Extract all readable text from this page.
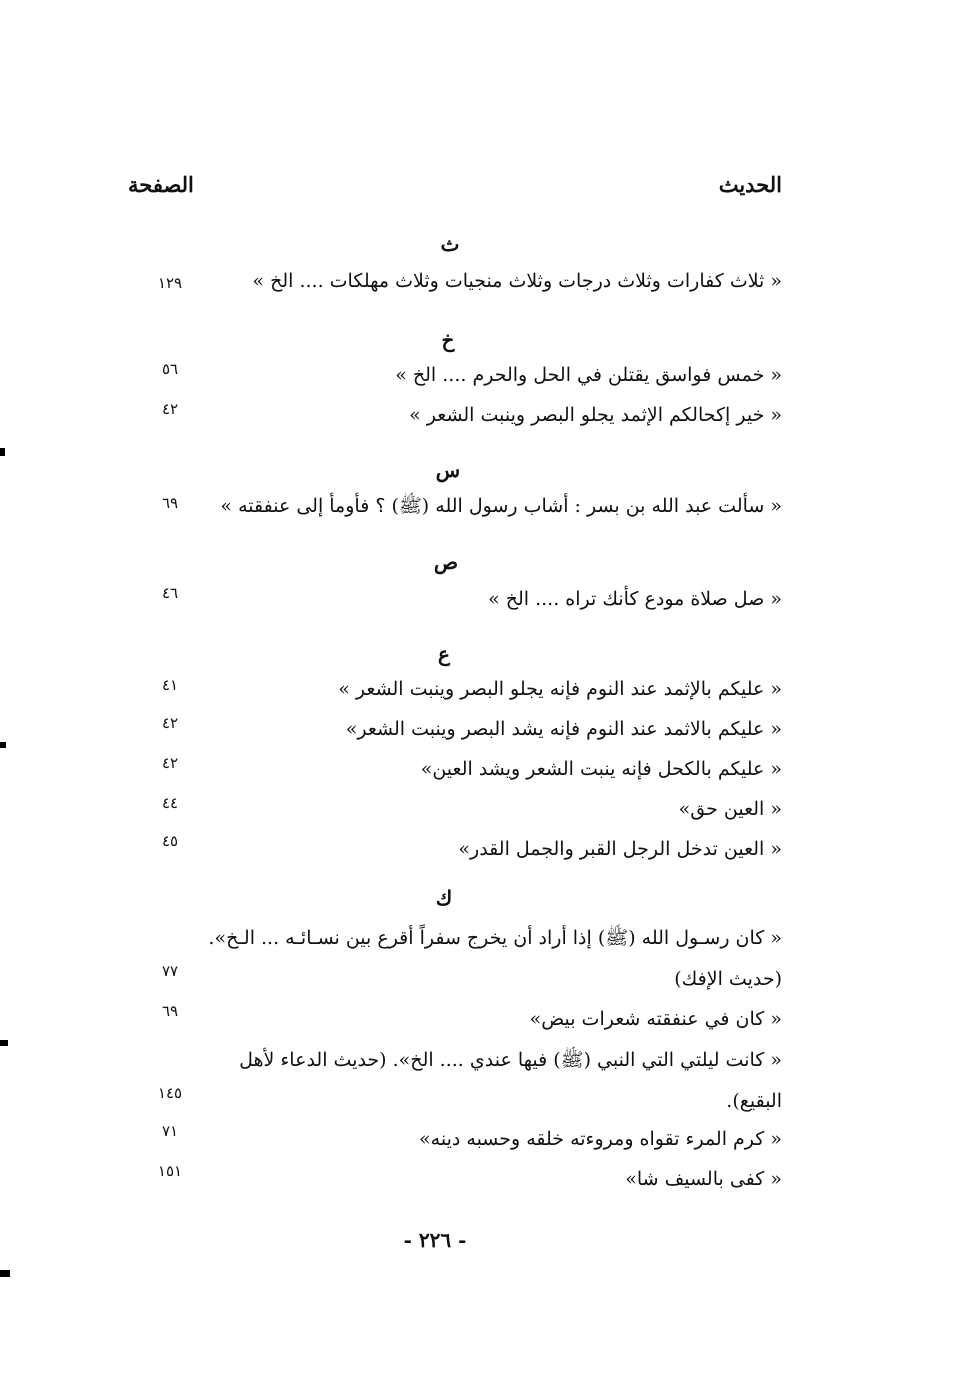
الحديث
الصفحة
ث
« ثلاث كفارات وثلاث درجات وثلاث منجيات وثلاث مهلكات .... الخ »
١٢٩
خ
« خمس فواسق يقتلن في الحل والحرم .... الخ »
٥٦
« خير إكحالكم الإثمد يجلو البصر وينبت الشعر »
٤٢
س
« سألت عبد الله بن بسر : أشاب رسول الله (ﷺ) ؟ فأومأ إلى عنفقته »
٦٩
ص
« صل صلاة مودع كأنك تراه .... الخ »
٤٦
ع
« عليكم بالإثمد عند النوم فإنه يجلو البصر وينبت الشعر »
٤١
« عليكم بالاثمد عند النوم فإنه يشد البصر وينبت الشعر»
٤٢
« عليكم بالكحل فإنه ينبت الشعر ويشد العين»
٤٢
« العين حق»
٤٤
« العين تدخل الرجل القبر والجمل القدر»
٤٥
ك
« كان رسـول الله (ﷺ) إذا أراد أن يخرج سفراً أقرع بين نسـائـه ... الـخ».
(حديث الإفك)
٧٧
« كان في عنفقته شعرات بيض»
٦٩
« كانت ليلتي التي النبي (ﷺ) فيها عندي .... الخ». (حديث الدعاء لأهل
البقيع).
١٤٥
« كرم المرء تقواه ومروءته خلقه وحسبه دينه»
٧١
« كفى بالسيف شا»
١٥١
- ٢٢٦ -
